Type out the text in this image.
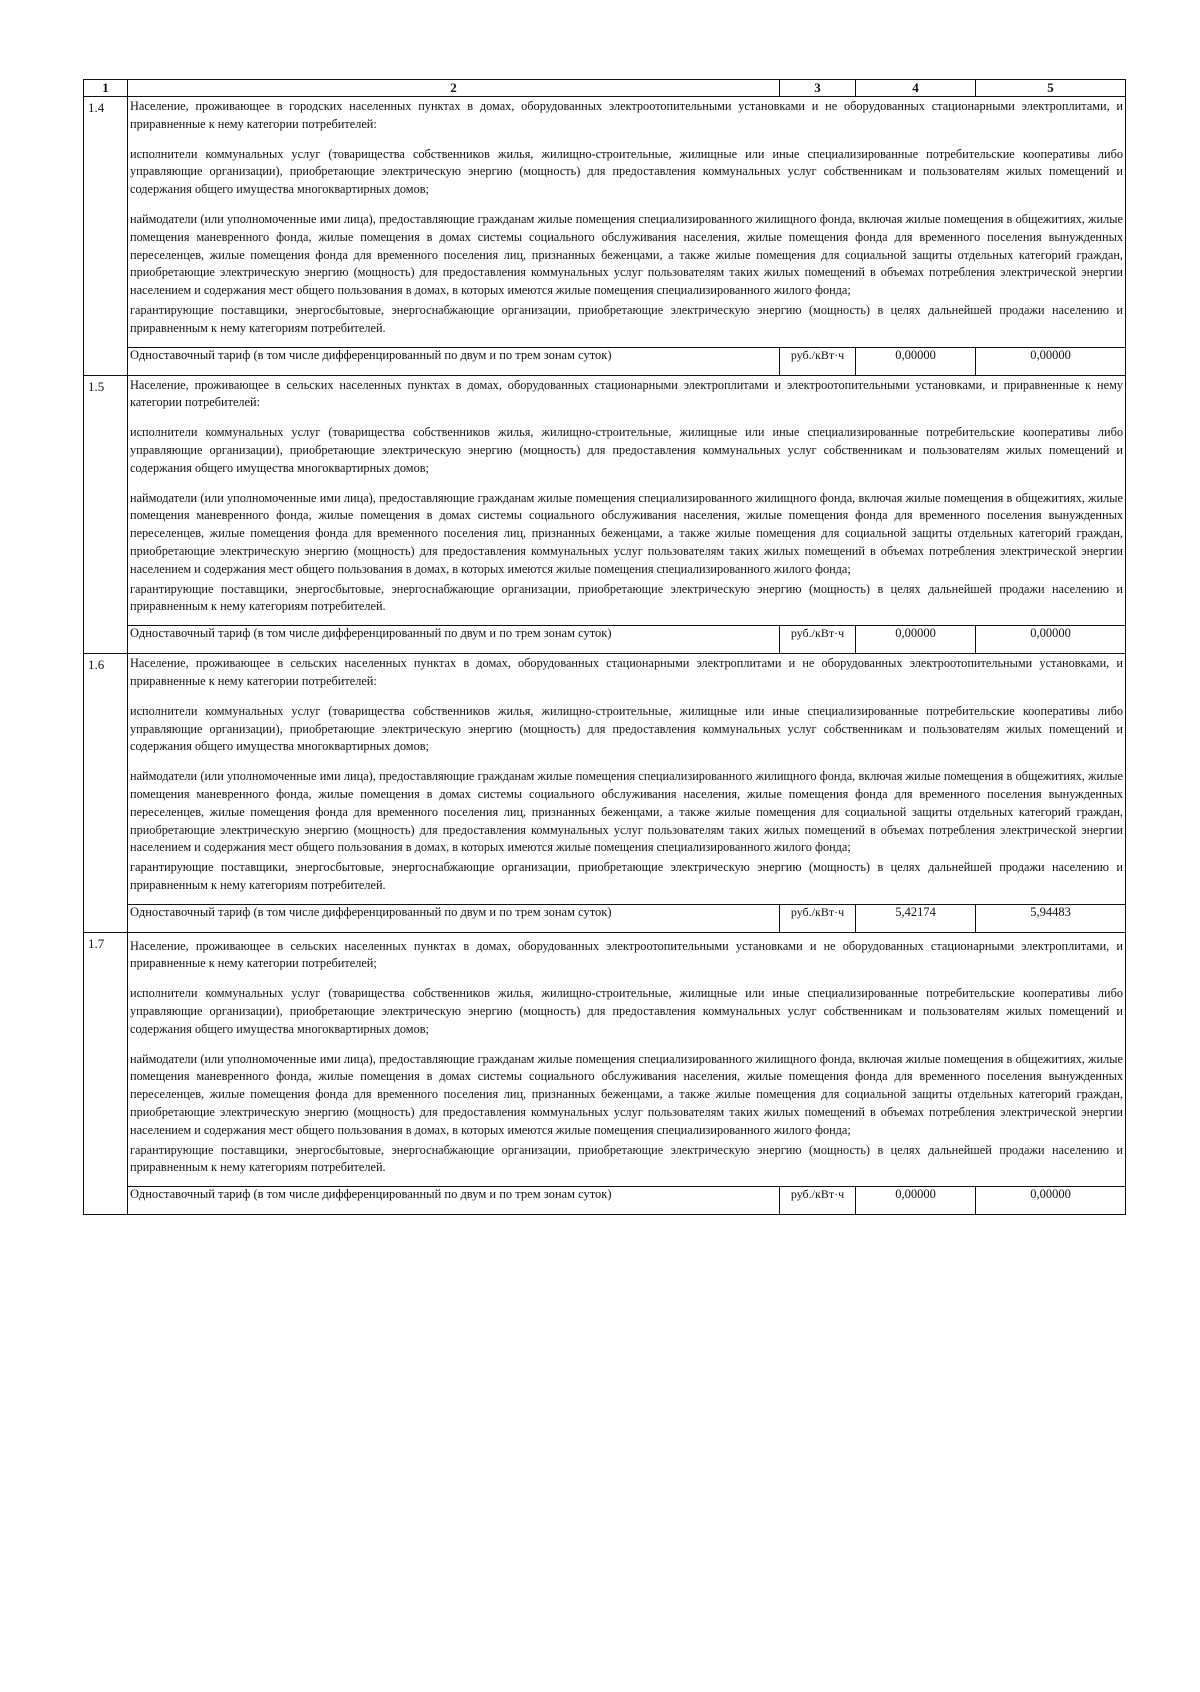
1	2	3	4	5
1.4	Население, проживающее в городских населенных пунктах в домах, оборудованных электроотопительными установками и не оборудованных стационарными электроплитами, и приравненные к нему категории потребителей:
исполнители коммунальных услуг (товарищества собственников жилья, жилищно-строительные, жилищные или иные специализированные потребительские кооперативы либо управляющие организации), приобретающие электрическую энергию (мощность) для предоставления коммунальных услуг собственникам и пользователям жилых помещений и содержания общего имущества многоквартирных домов;
наймодатели (или уполномоченные ими лица), предоставляющие гражданам жилые помещения специализированного жилищного фонда, включая жилые помещения в общежитиях, жилые помещения маневренного фонда, жилые помещения в домах системы социального обслуживания населения, жилые помещения фонда для временного поселения вынужденных переселенцев, жилые помещения фонда для временного поселения лиц, признанных беженцами, а также жилые помещения для социальной защиты отдельных категорий граждан, приобретающие электрическую энергию (мощность) для предоставления коммунальных услуг пользователям таких жилых помещений в объемах потребления электрической энергии населением и содержания мест общего пользования в домах, в которых имеются жилые помещения специализированного жилого фонда;
гарантирующие поставщики, энергосбытовые, энергоснабжающие организации, приобретающие электрическую энергию (мощность) в целях дальнейшей продажи населению и приравненным к нему категориям потребителей.			

	Одноставочный тариф (в том числе дифференцированный по двум и по трем зонам суток)	руб./кВт·ч	0,00000	0,00000
1.5	Население, проживающее в сельских населенных пунктах в домах, оборудованных стационарными электроплитами и электроотопительными установками, и приравненные к нему категории потребителей:
исполнители коммунальных услуг (товарищества собственников жилья, жилищно-строительные, жилищные или иные специализированные потребительские кооперативы либо управляющие организации), приобретающие электрическую энергию (мощность) для предоставления коммунальных услуг собственникам и пользователям жилых помещений и содержания общего имущества многоквартирных домов;
наймодатели (или уполномоченные ими лица), предоставляющие гражданам жилые помещения специализированного жилищного фонда, включая жилые помещения в общежитиях, жилые помещения маневренного фонда, жилые помещения в домах системы социального обслуживания населения, жилые помещения фонда для временного поселения вынужденных переселенцев, жилые помещения фонда для временного поселения лиц, признанных беженцами, а также жилые помещения для социальной защиты отдельных категорий граждан, приобретающие электрическую энергию (мощность) для предоставления коммунальных услуг пользователям таких жилых помещений в объемах потребления электрической энергии населением и содержания мест общего пользования в домах, в которых имеются жилые помещения специализированного жилого фонда;
гарантирующие поставщики, энергосбытовые, энергоснабжающие организации, приобретающие электрическую энергию (мощность) в целях дальнейшей продажи населению и приравненным к нему категориям потребителей.			

	Одноставочный тариф (в том числе дифференцированный по двум и по трем зонам суток)	руб./кВт·ч	0,00000	0,00000
1.6	Население, проживающее в сельских населенных пунктах в домах, оборудованных стационарными электроплитами и не оборудованных электроотопительными установками, и приравненные к нему категории потребителей:
исполнители коммунальных услуг (товарищества собственников жилья, жилищно-строительные, жилищные или иные специализированные потребительские кооперативы либо управляющие организации), приобретающие электрическую энергию (мощность) для предоставления коммунальных услуг собственникам и пользователям жилых помещений и содержания общего имущества многоквартирных домов;
наймодатели (или уполномоченные ими лица), предоставляющие гражданам жилые помещения специализированного жилищного фонда, включая жилые помещения в общежитиях, жилые помещения маневренного фонда, жилые помещения в домах системы социального обслуживания населения, жилые помещения фонда для временного поселения вынужденных переселенцев, жилые помещения фонда для временного поселения лиц, признанных беженцами, а также жилые помещения для социальной защиты отдельных категорий граждан, приобретающие электрическую энергию (мощность) для предоставления коммунальных услуг пользователям таких жилых помещений в объемах потребления электрической энергии населением и содержания мест общего пользования в домах, в которых имеются жилые помещения специализированного жилого фонда;
гарантирующие поставщики, энергосбытовые, энергоснабжающие организации, приобретающие электрическую энергию (мощность) в целях дальнейшей продажи населению и приравненным к нему категориям потребителей.			

	Одноставочный тариф (в том числе дифференцированный по двум и по трем зонам суток)	руб./кВт·ч	5,42174	5,94483
1.7	Население, проживающее в сельских населенных пунктах в домах, оборудованных электроотопительными установками и не оборудованных стационарными электроплитами, и приравненные к нему категории потребителей;
исполнители коммунальных услуг (товарищества собственников жилья, жилищно-строительные, жилищные или иные специализированные потребительские кооперативы либо управляющие организации), приобретающие электрическую энергию (мощность) для предоставления коммунальных услуг собственникам и пользователям жилых помещений и содержания общего имущества многоквартирных домов;
наймодатели (или уполномоченные ими лица), предоставляющие гражданам жилые помещения специализированного жилищного фонда, включая жилые помещения в общежитиях, жилые помещения маневренного фонда, жилые помещения в домах системы социального обслуживания населения, жилые помещения фонда для временного поселения вынужденных переселенцев, жилые помещения фонда для временного поселения лиц, признанных беженцами, а также жилые помещения для социальной защиты отдельных категорий граждан, приобретающие электрическую энергию (мощность) для предоставления коммунальных услуг пользователям таких жилых помещений в объемах потребления электрической энергии населением и содержания мест общего пользования в домах, в которых имеются жилые помещения специализированного жилого фонда;
гарантирующие поставщики, энергосбытовые, энергоснабжающие организации, приобретающие электрическую энергию (мощность) в целях дальнейшей продажи населению и приравненным к нему категориям потребителей.			

	Одноставочный тариф (в том числе дифференцированный по двум и по трем зонам суток)	руб./кВт·ч	0,00000	0,00000
